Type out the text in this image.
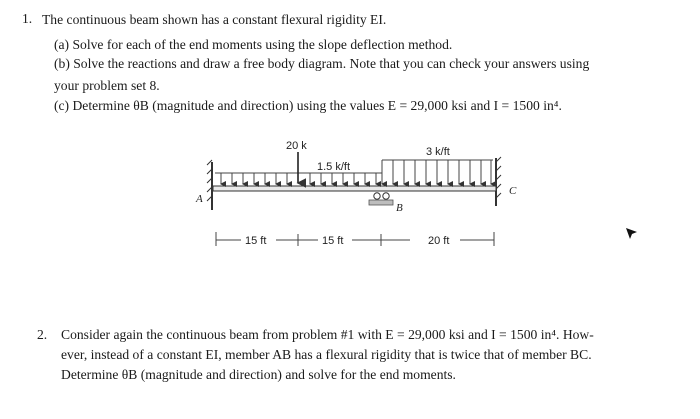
1. The continuous beam shown has a constant flexural rigidity EI.
(a) Solve for each of the end moments using the slope deflection method.
(b) Solve the reactions and draw a free body diagram. Note that you can check your answers using
your problem set 8.
(c) Determine θB (magnitude and direction) using the values E = 29,000 ksi and I = 1500 in⁴.
20 k
1.5 k/ft
3 k/ft
A
B
C
15 ft	15 ft	20 ft
2. Consider again the continuous beam from problem #1 with E = 29,000 ksi and I = 1500 in⁴. How-
ever, instead of a constant EI, member AB has a flexural rigidity that is twice that of member BC.
Determine θB (magnitude and direction) and solve for the end moments.
